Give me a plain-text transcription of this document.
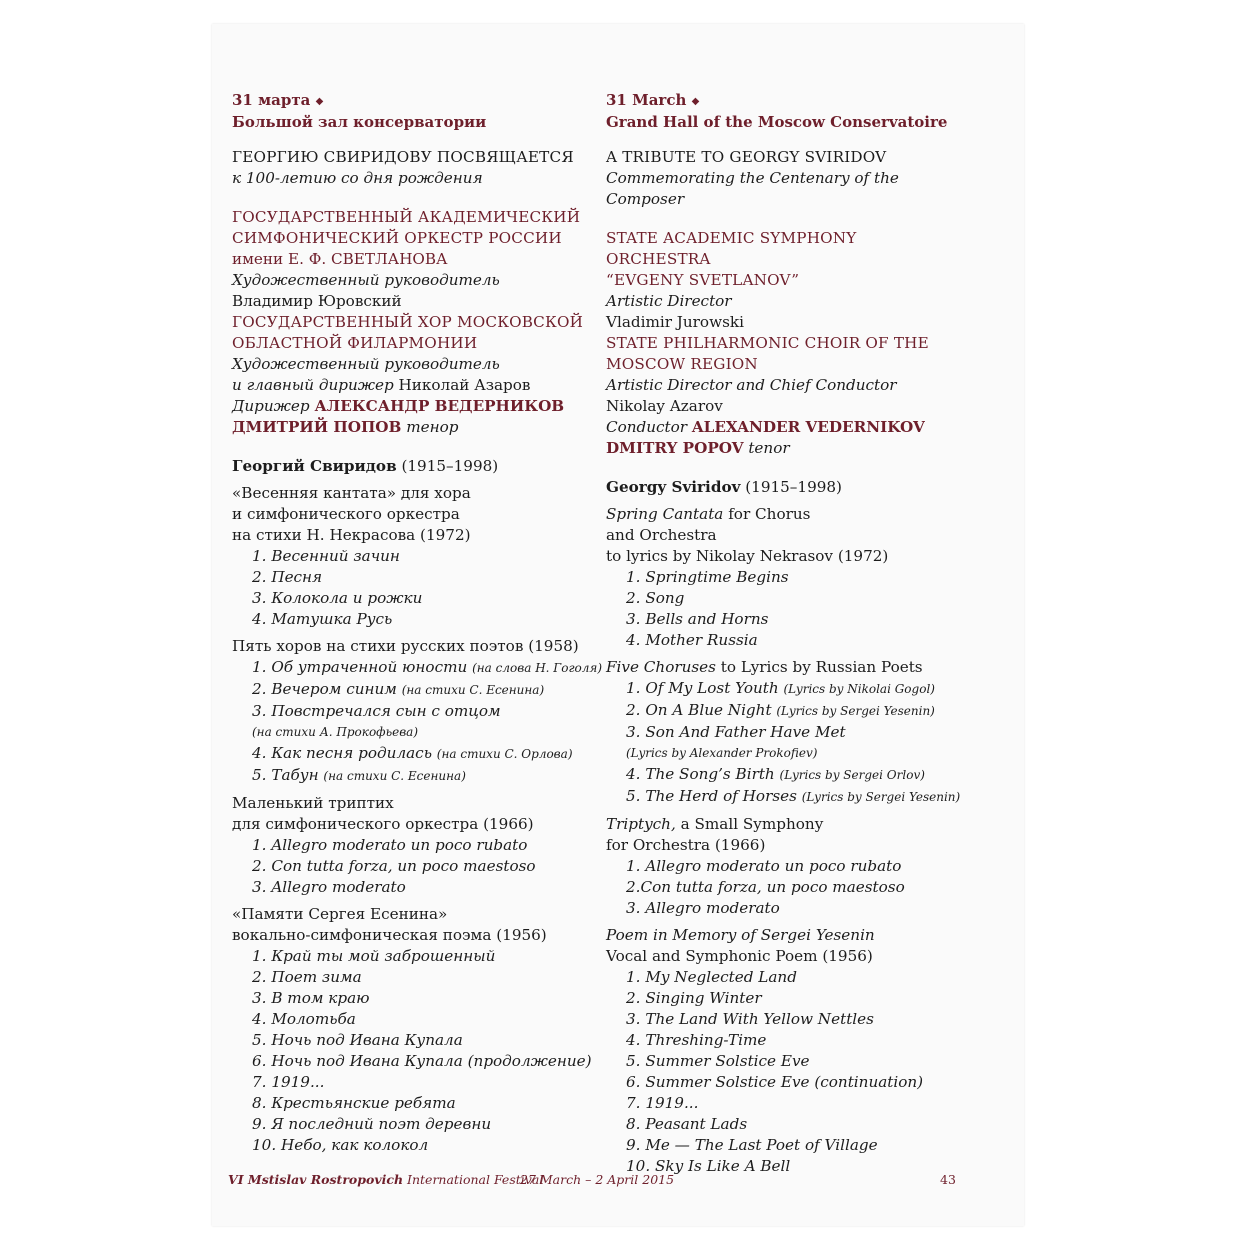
31 марта ◆
Большой зал консерватории
ГЕОРГИЮ СВИРИДОВУ ПОСВЯЩАЕТСЯ
к 100-летию со дня рождения
ГОСУДАРСТВЕННЫЙ АКАДЕМИЧЕСКИЙ
СИМФОНИЧЕСКИЙ ОРКЕСТР РОССИИ
имени Е. Ф. СВЕТЛАНОВА
Художественный руководитель
Владимир Юровский
ГОСУДАРСТВЕННЫЙ ХОР МОСКОВСКОЙ
ОБЛАСТНОЙ ФИЛАРМОНИИ
Художественный руководитель
и главный дирижер Николай Азаров
Дирижер АЛЕКСАНДР ВЕДЕРНИКОВ
ДМИТРИЙ ПОПОВ тенор
Георгий Свиридов (1915–1998)
«Весенняя кантата» для хора
и симфонического оркестра
на стихи Н. Некрасова (1972)
1. Весенний зачин
2. Песня
3. Колокола и рожки
4. Матушка Русь
Пять хоров на стихи русских поэтов (1958)
1. Об утраченной юности (на слова Н. Гоголя)
2. Вечером синим (на стихи С. Есенина)
3. Повстречался сын с отцом
(на стихи А. Прокофьева)
4. Как песня родилась (на стихи С. Орлова)
5. Табун (на стихи С. Есенина)
Маленький триптих
для симфонического оркестра (1966)
1. Allegro moderato un poco rubato
2. Con tutta forza, un poco maestoso
3. Allegro moderato
«Памяти Сергея Есенина»
вокально-симфоническая поэма (1956)
1. Край ты мой заброшенный
2. Поет зима
3. В том краю
4. Молотьба
5. Ночь под Ивана Купала
6. Ночь под Ивана Купала (продолжение)
7. 1919...
8. Крестьянские ребята
9. Я последний поэт деревни
10. Небо, как колокол
31 March ◆
Grand Hall of the Moscow Conservatoire
A TRIBUTE TO GEORGY SVIRIDOV
Commemorating the Centenary of the Composer
STATE ACADEMIC SYMPHONY
ORCHESTRA
“EVGENY SVETLANOV”
Artistic Director
Vladimir Jurowski
STATE PHILHARMONIC CHOIR OF THE
MOSCOW REGION
Artistic Director and Chief Conductor
Nikolay Azarov
Conductor ALEXANDER VEDERNIKOV
DMITRY POPOV tenor
Georgy Sviridov (1915–1998)
Spring Cantata for Chorus
and Orchestra
to lyrics by Nikolay Nekrasov (1972)
1. Springtime Begins
2. Song
3. Bells and Horns
4. Mother Russia
Five Choruses to Lyrics by Russian Poets
1. Of My Lost Youth (Lyrics by Nikolai Gogol)
2. On A Blue Night (Lyrics by Sergei Yesenin)
3. Son And Father Have Met
(Lyrics by Alexander Prokofiev)
4. The Song’s Birth (Lyrics by Sergei Orlov)
5. The Herd of Horses (Lyrics by Sergei Yesenin)
Triptych, a Small Symphony
for Orchestra (1966)
1. Allegro moderato un poco rubato
2.Con tutta forza, un poco maestoso
3. Allegro moderato
Poem in Memory of Sergei Yesenin
Vocal and Symphonic Poem (1956)
1. My Neglected Land
2. Singing Winter
3. The Land With Yellow Nettles
4. Threshing-Time
5. Summer Solstice Eve
6. Summer Solstice Eve (continuation)
7. 1919...
8. Peasant Lads
9. Me — The Last Poet of Village
10. Sky Is Like A Bell
VI Mstislav Rostropovich International Festival
27 March – 2 April 2015	43
